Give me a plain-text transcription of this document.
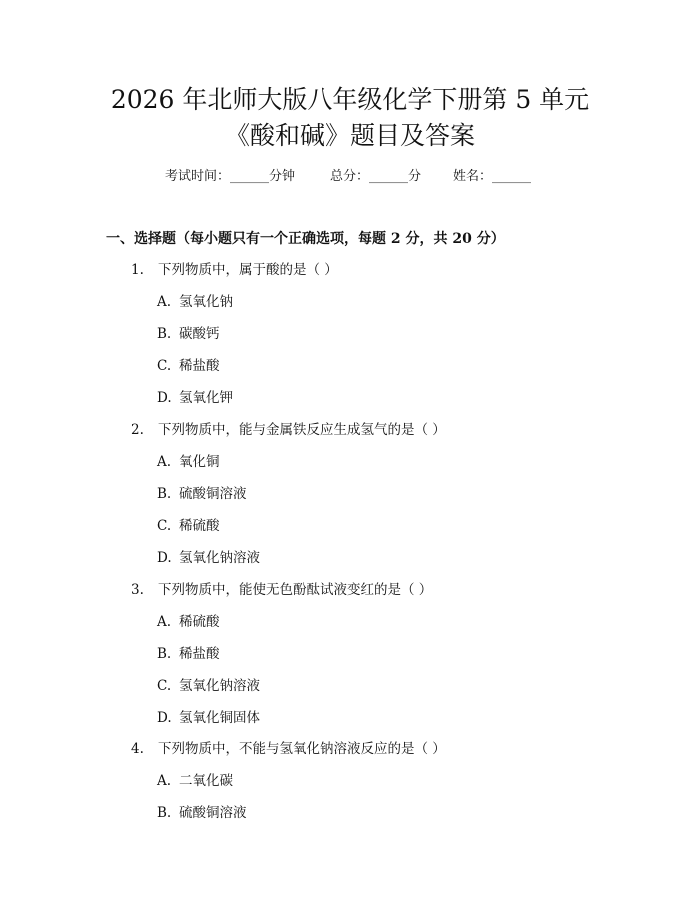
2026 年北师大版八年级化学下册第 5 单元
《酸和碱》题目及答案
考试时间：______分钟	总分：______分 姓名：______
一、选择题（每小题只有一个正确选项，每题 2 分，共 20 分）
1.	下列物质中，属于酸的是（ ）
A. 氢氧化钠
B. 碳酸钙
C. 稀盐酸
D. 氢氧化钾
2.	下列物质中，能与金属铁反应生成氢气的是（ ）
A. 氧化铜
B. 硫酸铜溶液
C. 稀硫酸
D. 氢氧化钠溶液
3.	下列物质中，能使无色酚酞试液变红的是（ ）
A. 稀硫酸
B. 稀盐酸
C. 氢氧化钠溶液
D. 氢氧化铜固体
4.	下列物质中，不能与氢氧化钠溶液反应的是（ ）
A. 二氧化碳
B. 硫酸铜溶液
